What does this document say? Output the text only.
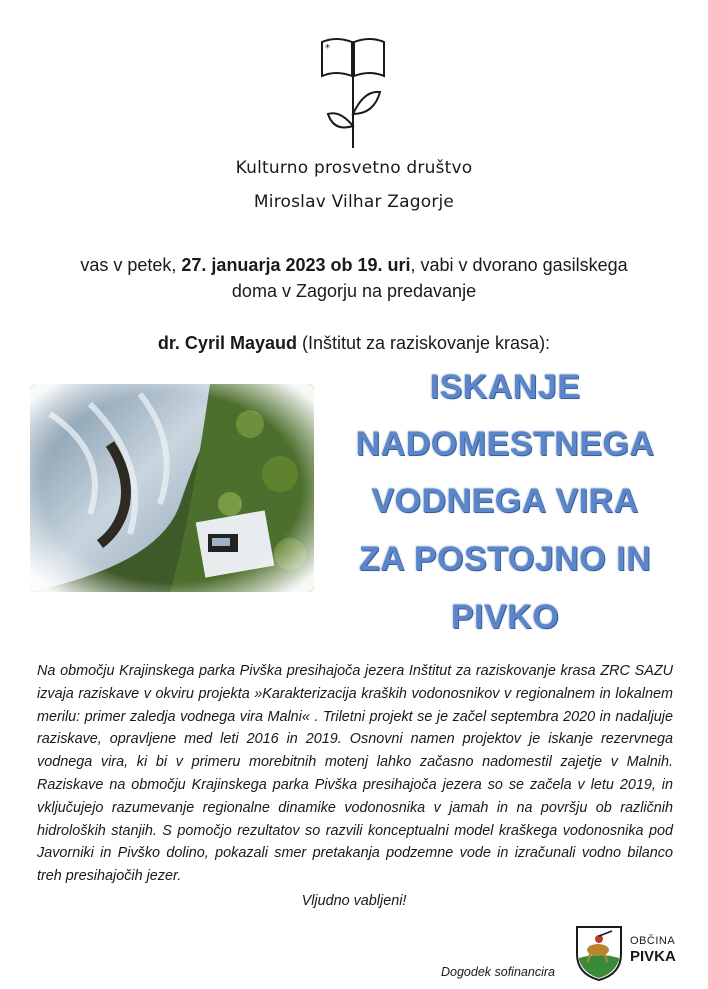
*
Kulturno prosvetno društvo
Miroslav Vilhar Zagorje
vas v petek, 27. januarja 2023 ob 19. uri, vabi v dvorano gasilskega
doma v Zagorju na predavanje
dr. Cyril Mayaud (Inštitut za raziskovanje krasa):
ISKANJE
NADOMESTNEGA
VODNEGA VIRA
ZA POSTOJNO IN
PIVKO
Na območju Krajinskega parka Pivška presihajoča jezera Inštitut za raziskovanje krasa ZRC SAZU izvaja raziskave v okviru projekta »Karakterizacija kraških vodonosnikov v regionalnem in lokalnem merilu: primer zaledja vodnega vira Malni« . Triletni projekt se je začel septembra 2020 in nadaljuje raziskave, opravljene med leti 2016 in 2019. Osnovni namen projektov je iskanje rezervnega vodnega vira, ki bi v primeru morebitnih motenj lahko začasno nadomestil zajetje v Malnih. Raziskave na območju Krajinskega parka Pivška presihajoča jezera so se začela v letu 2019, in vključujejo razumevanje regionalne dinamike vodonosnika v jamah in na površju ob različnih hidroloških stanjih. S pomočjo rezultatov so razvili konceptualni model kraškega vodonosnika pod Javorniki in Pivško dolino, pokazali smer pretakanja podzemne vode in izračunali vodno bilanco treh presihajočih jezer.
Vljudno vabljeni!
Dogodek sofinancira
OBČINA
PIVKA
